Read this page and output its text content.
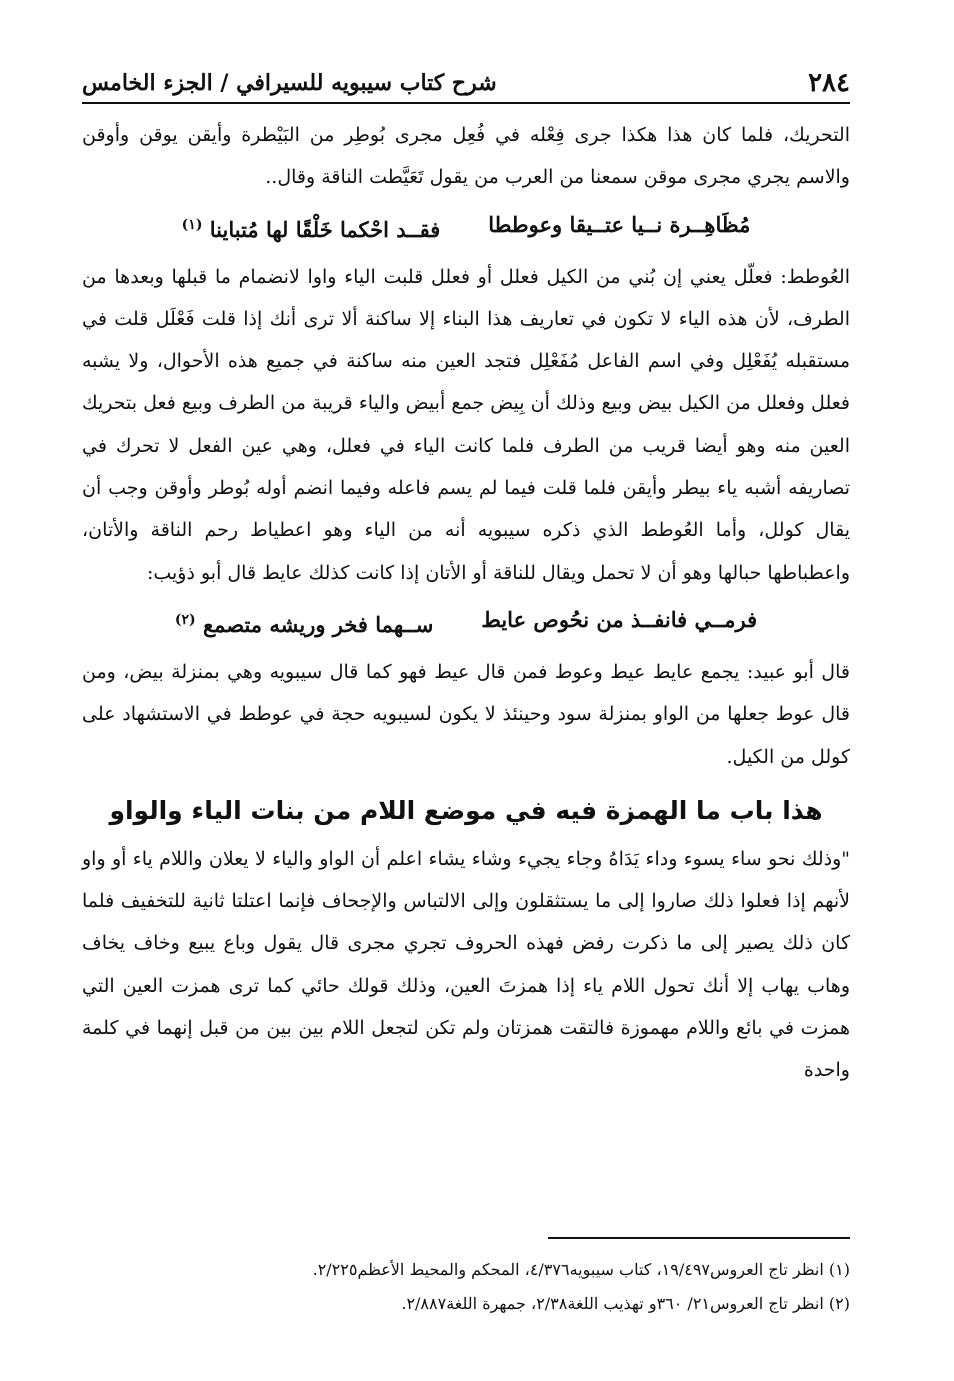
٢٨٤
شرح كتاب سيبويه للسيرافي / الجزء الخامس

التحريك، فلما كان هذا هكذا جرى فِعْله في فُعِل مجرى بُوطِر من البَيْطرة وأيقن يوقن وأوقن والاسم يجري مجرى موقن سمعنا من العرب من يقول تَعَيَّطت الناقة وقال..

مُظَاهِــرة نــيا عتــيقا وعوططا
فقــد احْكما خَلْقًا لها مُتباينا $^{(١)}$

العُوطط: فعلّل يعني إن بُني من الكيل فعلل أو فعلل قلبت الياء واوا لانضمام ما قبلها وبعدها من الطرف، لأن هذه الياء لا تكون في تعاريف هذا البناء إلا ساكنة ألا ترى أنك إذا قلت فَعْلَل قلت في مستقبله يُفَعْلِل وفي اسم الفاعل مُفَعْلِل فتجد العين منه ساكنة في جميع هذه الأحوال، ولا يشبه فعلل وفعلل من الكيل بيض وبيع وذلك أن بِيض جمع أبيض والياء قريبة من الطرف وبيع فعل بتحريك العين منه وهو أيضا قريب من الطرف فلما كانت الياء في فعلل، وهي عين الفعل لا تحرك في تصاريفه أشبه ياء بيطر وأيقن فلما قلت فيما لم يسم فاعله وفيما انضم أوله بُوطر وأوقن وجب أن يقال كولل، وأما العُوطط الذي ذكره سيبويه أنه من الياء وهو اعطياط رحم الناقة والأتان، واعطباطها حبالها وهو أن لا تحمل ويقال للناقة أو الأتان إذا كانت كذلك عايط قال أبو ذؤيب:

فرمــي فانفــذ من نحُوص عايط
ســهما فخر وريشه متصمع $^{(٢)}$

قال أبو عبيد: يجمع عايط عيط وعوط فمن قال عيط فهو كما قال سيبويه وهي بمنزلة بيض، ومن قال عوط جعلها من الواو بمنزلة سود وحينئذ لا يكون لسيبويه حجة في عوطط في الاستشهاد على كولل من الكيل.

هذا باب ما الهمزة فيه في موضع اللام من بنات الياء والواو

"وذلك نحو ساء يسوء وداء يَدَاهُ وجاء يجيء وشاء يشاء اعلم أن الواو والياء لا يعلان واللام ياء أو واو لأنهم إذا فعلوا ذلك صاروا إلى ما يستثقلون وإلى الالتباس والإجحاف فإنما اعتلتا ثانية للتخفيف فلما كان ذلك يصير إلى ما ذكرت رفض فهذه الحروف تجري مجرى قال يقول وباع يبيع وخاف يخاف وهاب يهاب إلا أنك تحول اللام ياء إذا همزتَ العين، وذلك قولك حائي كما ترى همزت العين التي همزت في بائع واللام مهموزة فالتقت همزتان ولم تكن لتجعل اللام بين بين من قبل إنهما في كلمة واحدة

(١) انظر تاج العروس١٩/٤٩٧، كتاب سيبويه٤/٣٧٦، المحكم والمحيط الأعظم٢/٢٢٥.

(٢) انظر تاج العروس٢١/ ٣٦٠و تهذيب اللغة٢/٣٨، جمهرة اللغة٢/٨٨٧.
